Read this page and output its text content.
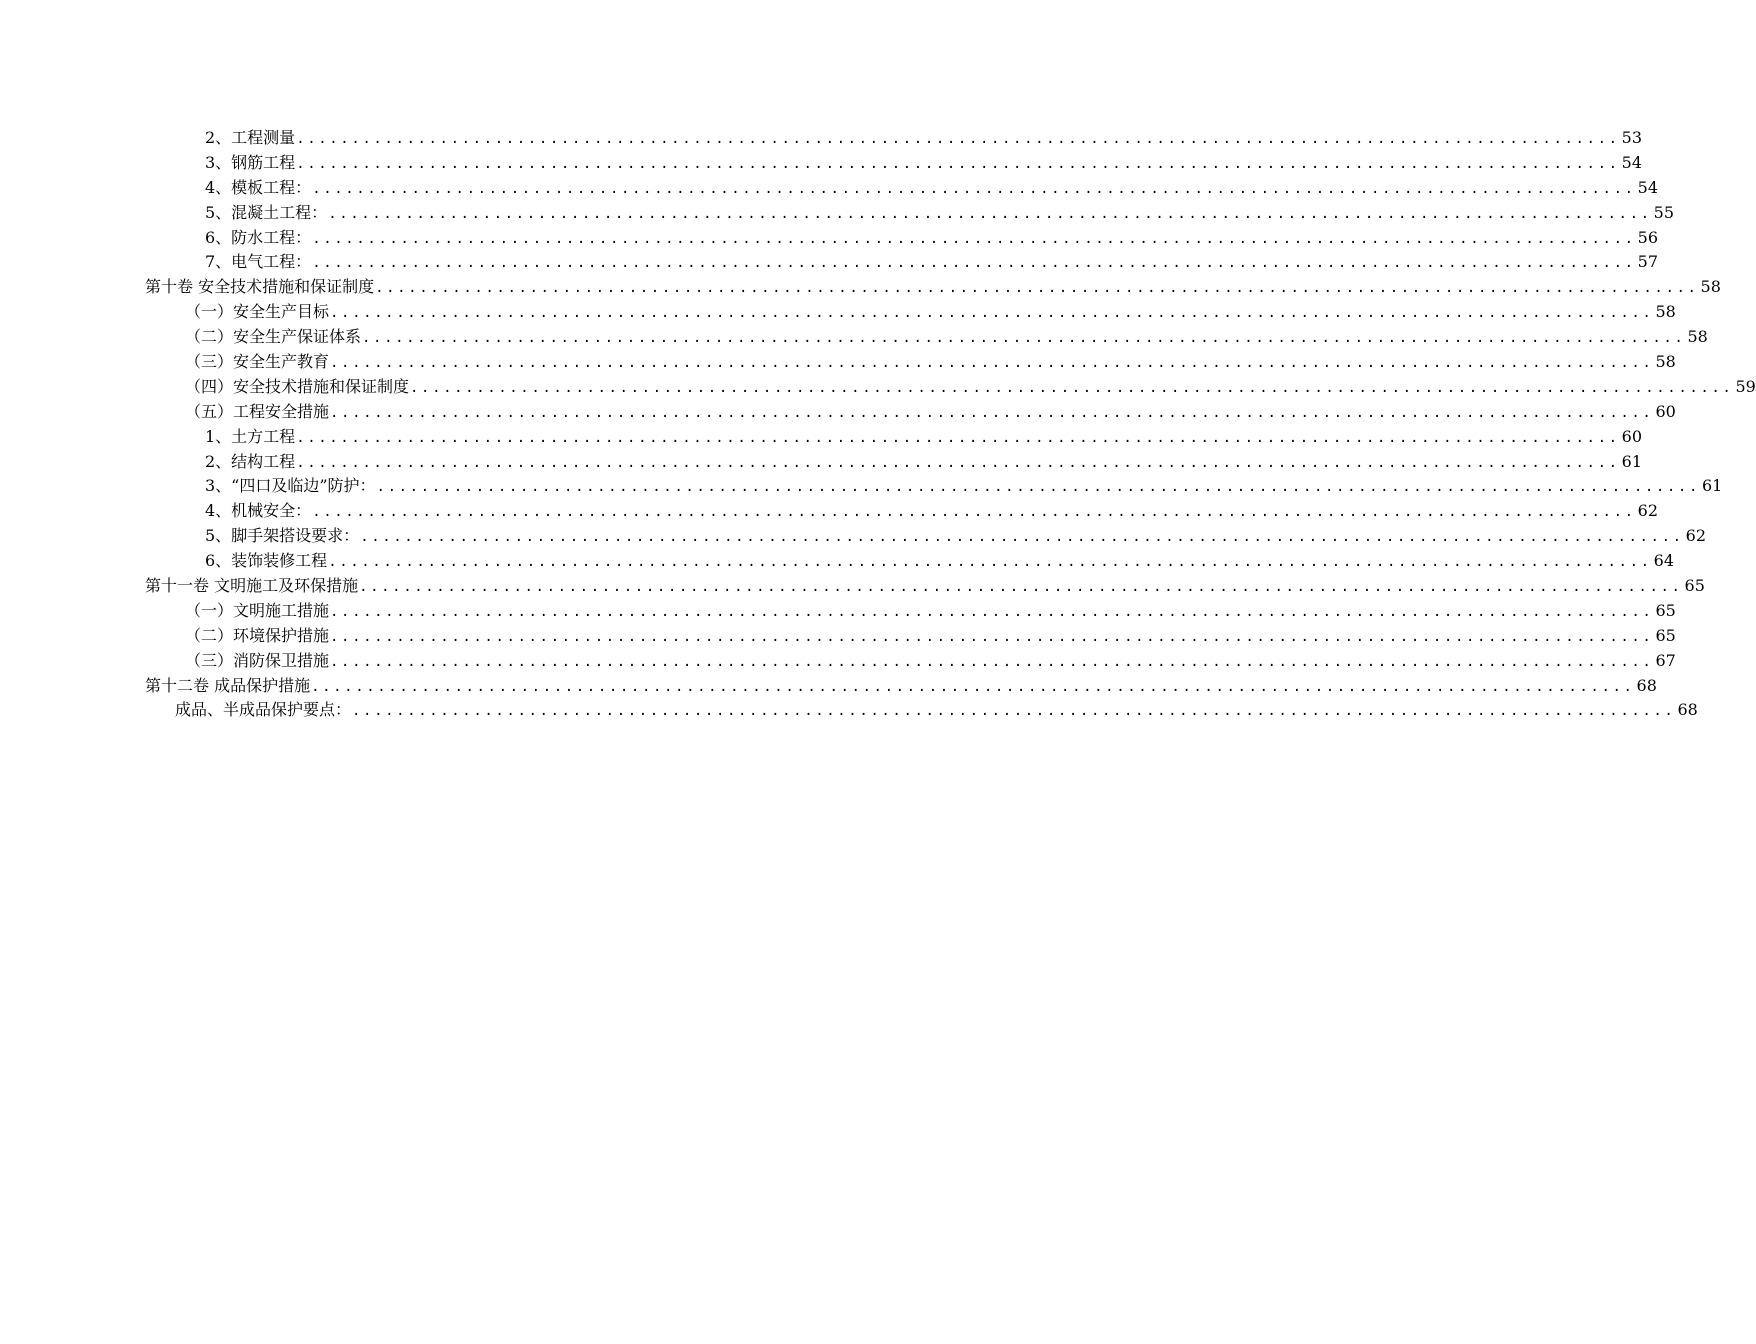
2、工程测量 ........................................................................................................................ 53
3、钢筋工程 ........................................................................................................................ 54
4、模板工程： ........................................................................................................................ 54
5、混凝土工程： ........................................................................................................................ 55
6、防水工程： ........................................................................................................................ 56
7、电气工程： ........................................................................................................................ 57
第十卷 安全技术措施和保证制度 ........................................................................................................................ 58
（一）安全生产目标 ........................................................................................................................ 58
（二）安全生产保证体系 ........................................................................................................................ 58
（三）安全生产教育 ........................................................................................................................ 58
（四）安全技术措施和保证制度 ........................................................................................................................ 59
（五）工程安全措施 ........................................................................................................................ 60
1、土方工程 ........................................................................................................................ 60
2、结构工程 ........................................................................................................................ 61
3、“四口及临边”防护： ........................................................................................................................ 61
4、机械安全： ........................................................................................................................ 62
5、脚手架搭设要求： ........................................................................................................................ 62
6、装饰装修工程 ........................................................................................................................ 64
第十一卷 文明施工及环保措施 ........................................................................................................................ 65
（一）文明施工措施 ........................................................................................................................ 65
（二）环境保护措施 ........................................................................................................................ 65
（三）消防保卫措施 ........................................................................................................................ 67
第十二卷 成品保护措施 ........................................................................................................................ 68
成品、半成品保护要点： ........................................................................................................................ 68
